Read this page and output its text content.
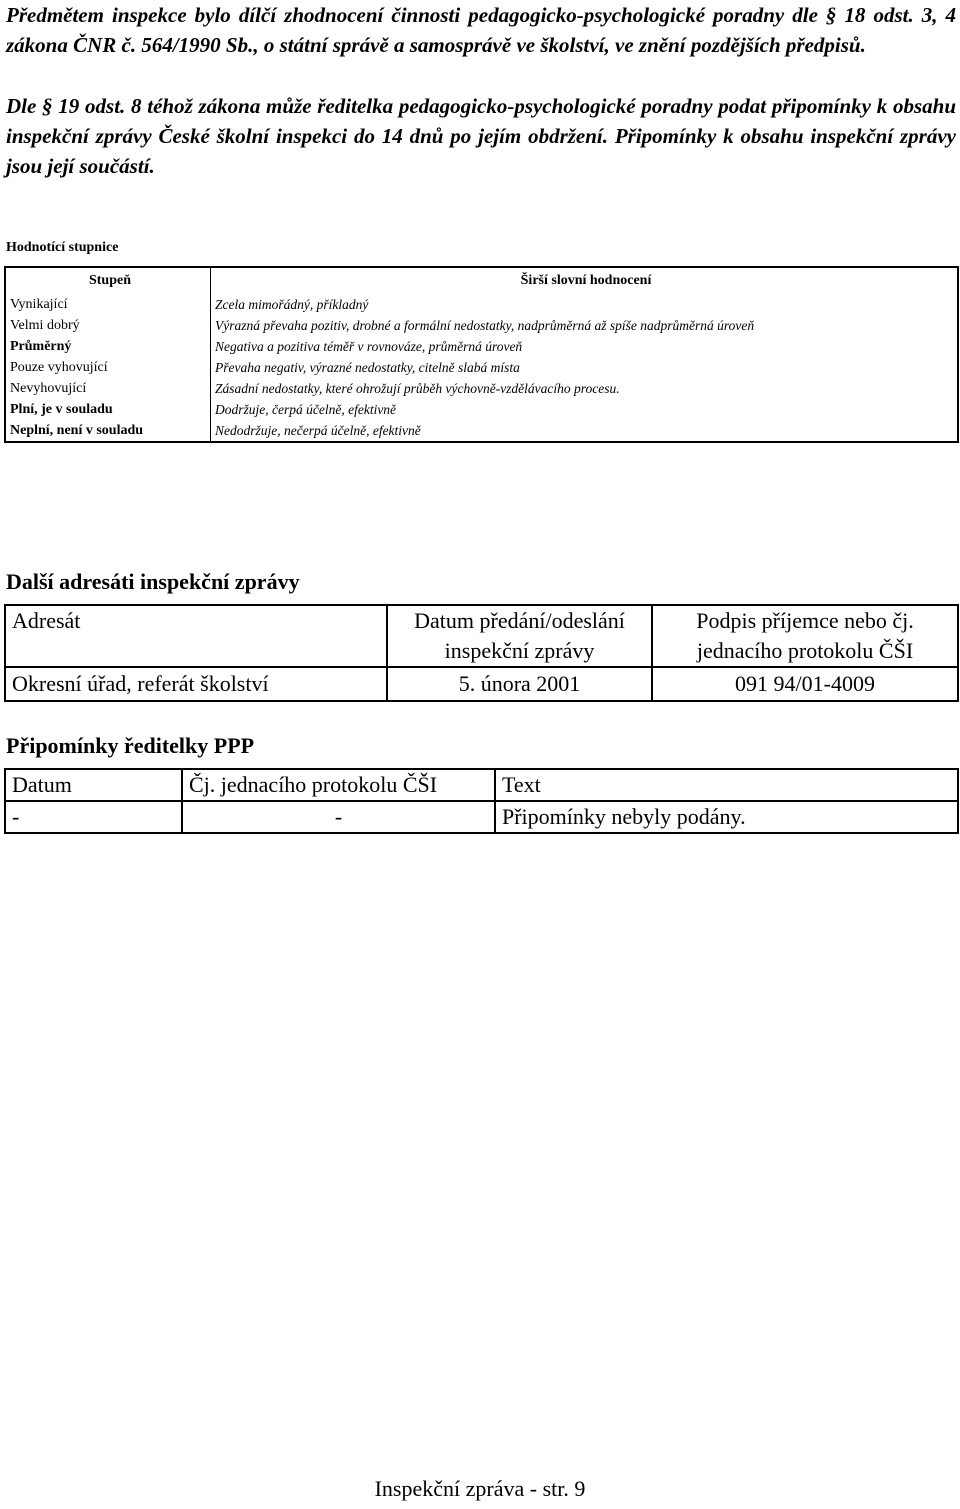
Předmětem inspekce bylo dílčí zhodnocení činnosti pedagogicko-psychologické poradny dle § 18 odst. 3, 4 zákona ČNR č. 564/1990 Sb., o státní správě a samosprávě ve školství, ve znění pozdějších předpisů.

Dle § 19 odst. 8 téhož zákona může ředitelka pedagogicko-psychologické poradny podat připomínky k obsahu inspekční zprávy České školní inspekci do 14 dnů po jejím obdržení. Připomínky k obsahu inspekční zprávy jsou její součástí.

Hodnotící stupnice
Stupeň	Širší slovní hodnocení
Vynikající	Zcela mimořádný, příkladný
Velmi dobrý	Výrazná převaha pozitiv, drobné a formální nedostatky, nadprůměrná až spíše nadprůměrná úroveň
Průměrný	Negativa a pozitiva téměř v rovnováze, průměrná úroveň
Pouze vyhovující	Převaha negativ, výrazné nedostatky, citelně slabá místa
Nevyhovující	Zásadní nedostatky, které ohrožují průběh výchovně-vzdělávacího procesu.
Plní, je v souladu	Dodržuje, čerpá účelně, efektivně
Neplní, není v souladu	Nedodržuje, nečerpá účelně, efektivně
Další adresáti inspekční zprávy
Adresát	Datum předání/odeslání inspekční zprávy	Podpis příjemce nebo čj. jednacího protokolu ČŠI
Okresní úřad, referát školství	5. února 2001	091 94/01-4009
Připomínky ředitelky PPP
Datum	Čj. jednacího protokolu ČŠI	Text
-	-	Připomínky nebyly podány.
Inspekční zpráva - str. 9
